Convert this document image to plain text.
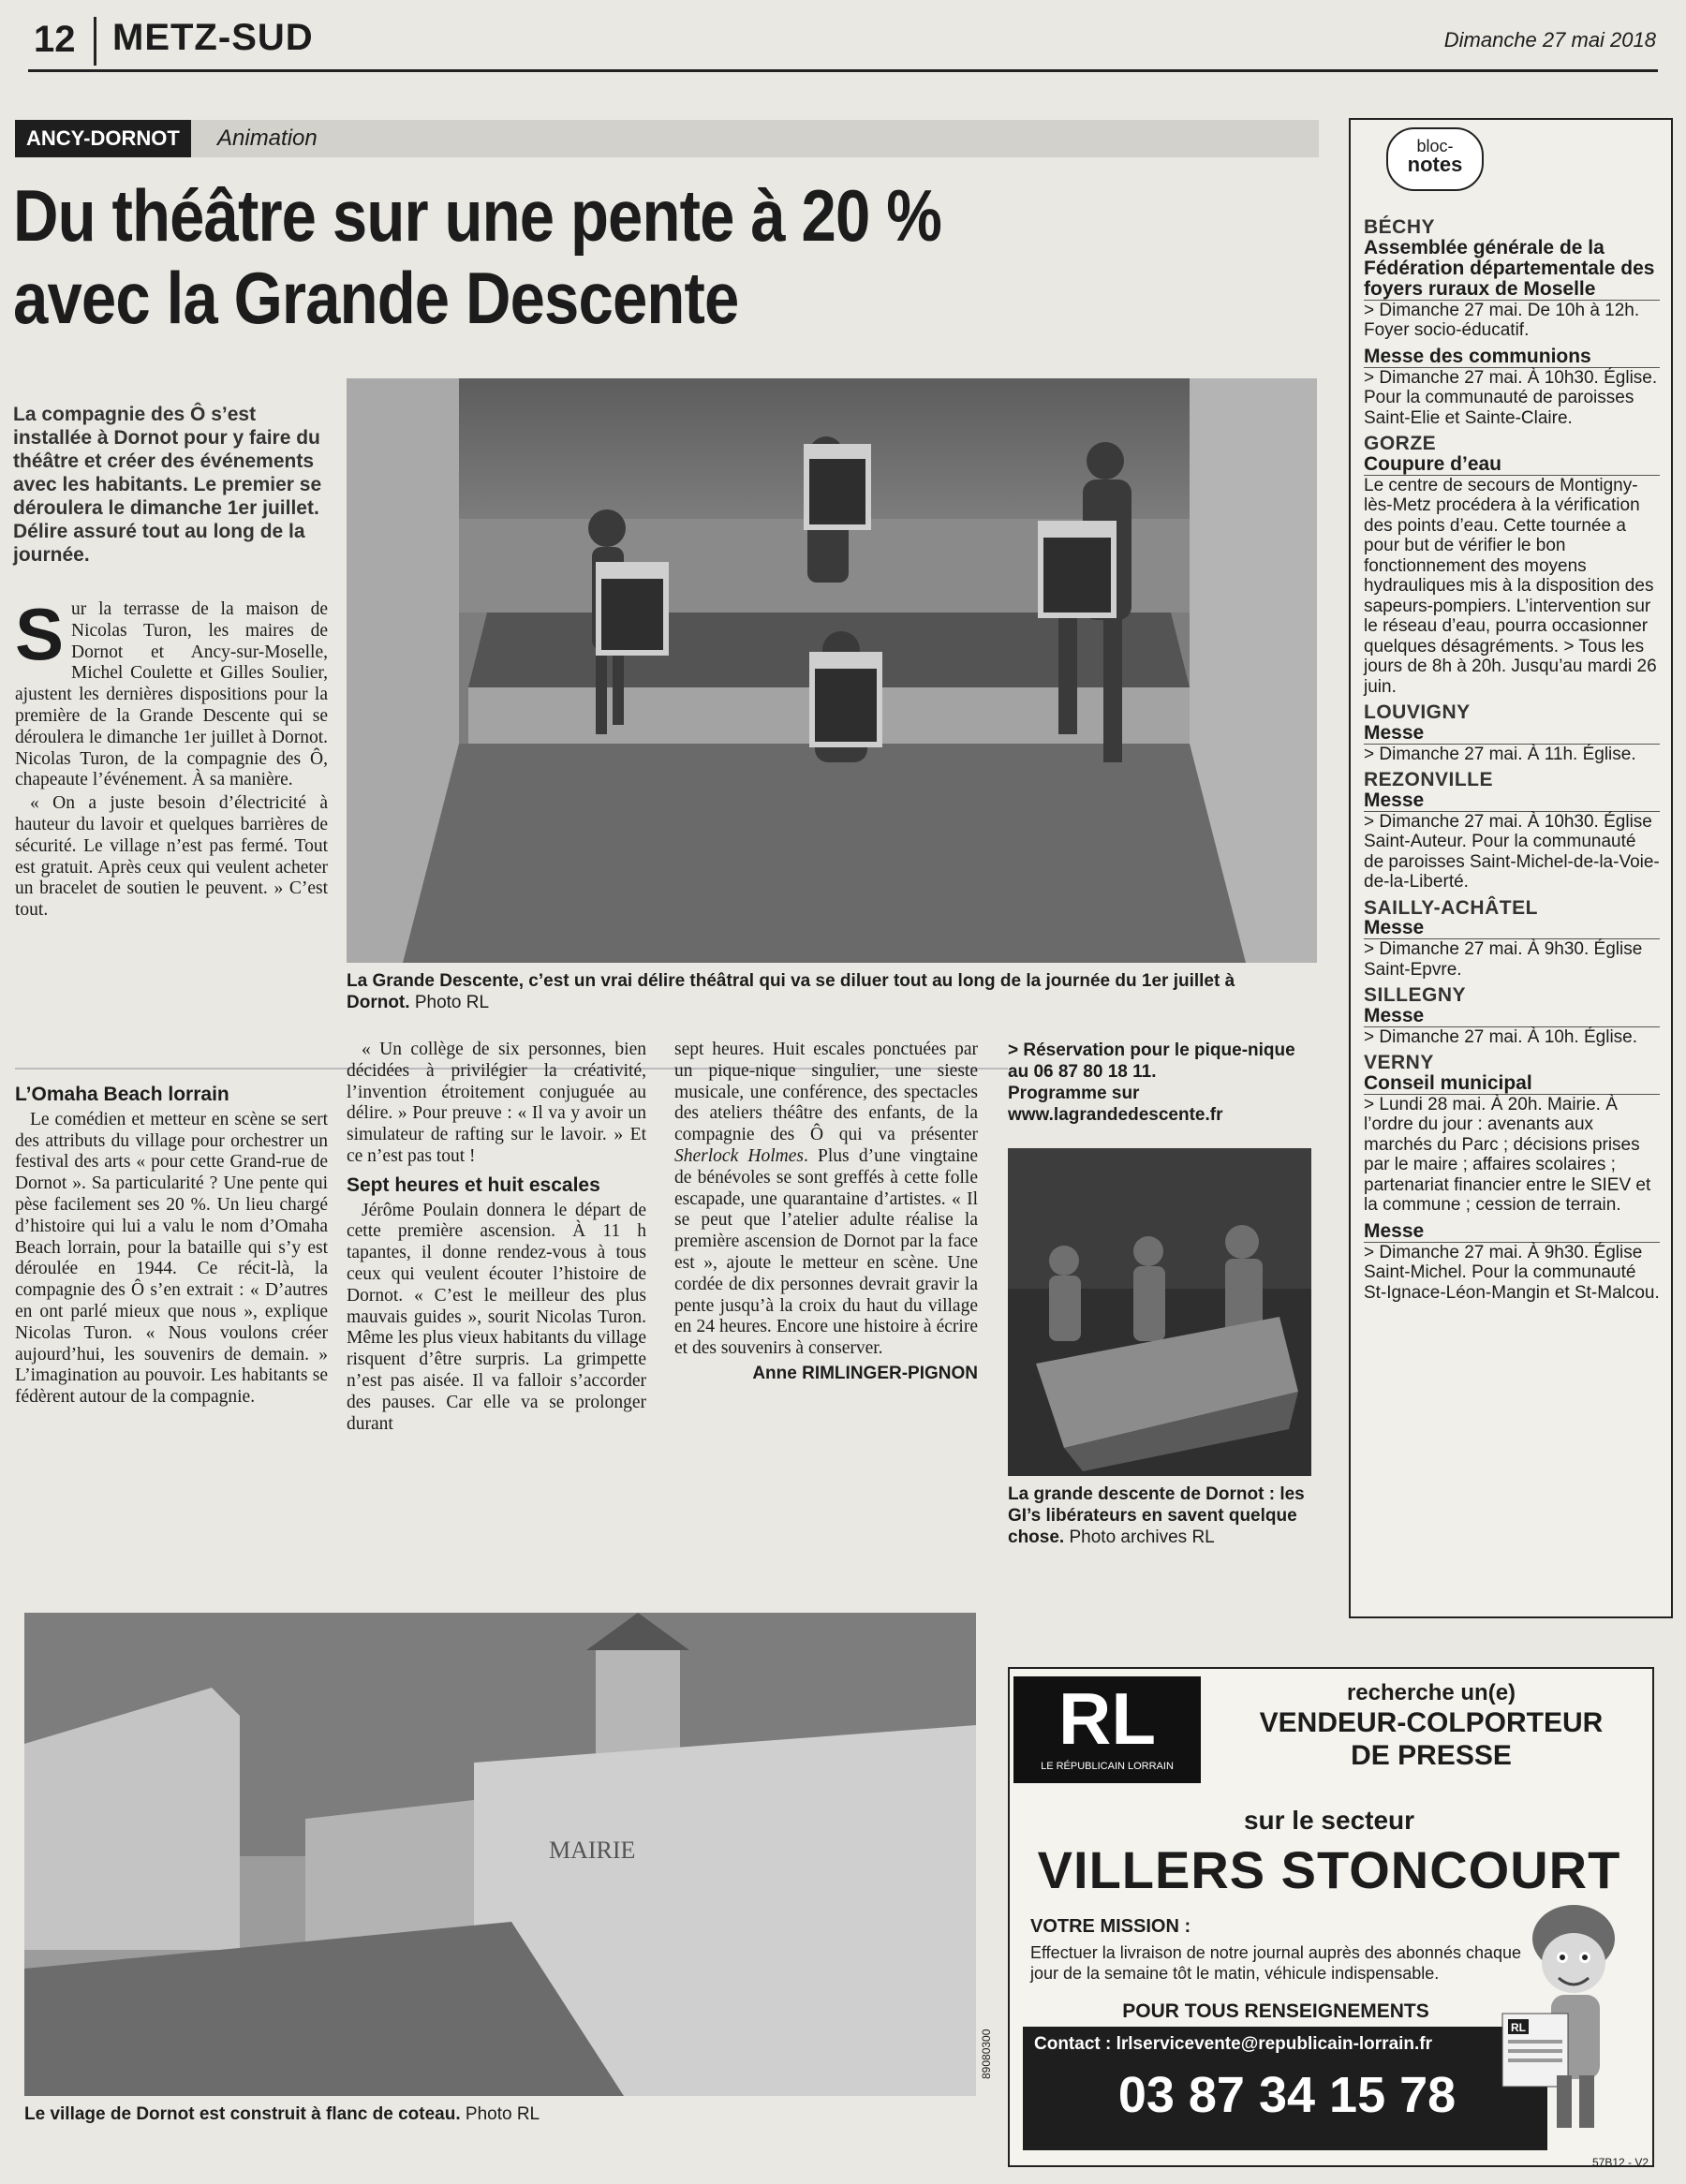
12 METZ-SUD	Dimanche 27 mai 2018
ANCY-DORNOT	Animation
Du théâtre sur une pente à 20 %
avec la Grande Descente
La compagnie des Ô s’est installée à Dornot pour y faire du théâtre et créer des événements avec les habitants. Le premier se déroulera le dimanche 1er juillet. Délire assuré tout au long de la journée.
La Grande Descente, c’est un vrai délire théâtral qui va se diluer tout au long de la journée du 1er juillet à Dornot. Photo RL

Sur la terrasse de la maison de Nicolas Turon, les maires de Dornot et Ancy-sur-Moselle, Michel Coulette et Gilles Soulier, ajustent les dernières dispositions pour la première de la Grande Descente qui se déroulera le dimanche 1er juillet à Dornot. Nicolas Turon, de la compagnie des Ô, chapeaute l’événement. À sa manière.

« On a juste besoin d’électricité à hauteur du lavoir et quelques barrières de sécurité. Le village n’est pas fermé. Tout est gratuit. Après ceux qui veulent acheter un bracelet de soutien le peuvent. » C’est tout.

L’Omaha Beach lorrain

Le comédien et metteur en scène se sert des attributs du village pour orchestrer un festival des arts « pour cette Grand-rue de Dornot ». Sa particularité ? Une pente qui pèse facilement ses 20 %. Un lieu chargé d’histoire qui lui a valu le nom d’Omaha Beach lorrain, pour la bataille qui s’y est déroulée en 1944. Ce récit-là, la compagnie des Ô s’en extrait : « D’autres en ont parlé mieux que nous », explique Nicolas Turon. « Nous voulons créer aujourd’hui, les souvenirs de demain. » L’imagination au pouvoir. Les habitants se fédèrent autour de la compagnie.

« Un collège de six personnes, bien décidées à privilégier la créativité, l’invention étroitement conjuguée au délire. » Pour preuve : « Il va y avoir un simulateur de rafting sur le lavoir. » Et ce n’est pas tout !

Sept heures et huit escales

Jérôme Poulain donnera le départ de cette première ascension. À 11 h tapantes, il donne rendez-vous à tous ceux qui veulent écouter l’histoire de Dornot. « C’est le meilleur des plus mauvais guides », sourit Nicolas Turon. Même les plus vieux habitants du village risquent d’être surpris. La grimpette n’est pas aisée. Il va falloir s’accorder des pauses. Car elle va se prolonger durant

sept heures. Huit escales ponctuées par un pique-nique singulier, une sieste musicale, une conférence, des spectacles des ateliers théâtre des enfants, de la compagnie des Ô qui va présenter Sherlock Holmes. Plus d’une vingtaine de bénévoles se sont greffés à cette folle escapade, une quarantaine d’artistes. « Il se peut que l’atelier adulte réalise la première ascension de Dornot par la face est », ajoute le metteur en scène. Une cordée de dix personnes devrait gravir la pente jusqu’à la croix du haut du village en 24 heures. Encore une histoire à écrire et des souvenirs à conserver.

Anne RIMLINGER-PIGNON
> Réservation pour le pique-nique au 06 87 80 18 11.
Programme sur www.lagrandedescente.fr
La grande descente de Dornot : les GI’s libérateurs en savent quelque chose. Photo archives RL
MAIRIE
Le village de Dornot est construit à flanc de coteau. Photo RL
bloc-
notes
BÉCHY
Assemblée générale de la Fédération départementale des foyers ruraux de Moselle
> Dimanche 27 mai. De 10h à 12h. Foyer socio-éducatif.
Messe des communions
> Dimanche 27 mai. À 10h30. Église. Pour la communauté de paroisses Saint-Elie et Sainte-Claire.
GORZE
Coupure d’eau
Le centre de secours de Montigny-lès-Metz procédera à la vérification des points d’eau. Cette tournée a pour but de vérifier le bon fonctionnement des moyens hydrauliques mis à la disposition des sapeurs-pompiers. L’intervention sur le réseau d’eau, pourra occasionner quelques désagréments. > Tous les jours de 8h à 20h. Jusqu’au mardi 26 juin.
LOUVIGNY
Messe
> Dimanche 27 mai. À 11h. Église.
REZONVILLE
Messe
> Dimanche 27 mai. À 10h30. Église Saint-Auteur. Pour la communauté de paroisses Saint-Michel-de-la-Voie-de-la-Liberté.
SAILLY-ACHÂTEL
Messe
> Dimanche 27 mai. À 9h30. Église Saint-Epvre.
SILLEGNY
Messe
> Dimanche 27 mai. À 10h. Église.
VERNY
Conseil municipal
> Lundi 28 mai. À 20h. Mairie. À l’ordre du jour : avenants aux marchés du Parc ; décisions prises par le maire ; affaires scolaires ; partenariat financier entre le SIEV et la commune ; cession de terrain.
Messe
> Dimanche 27 mai. À 9h30. Église Saint-Michel. Pour la communauté St-Ignace-Léon-Mangin et St-Malcou.
RL
LE RÉPUBLICAIN LORRAIN
recherche un(e)
VENDEUR-COLPORTEUR
DE PRESSE
sur le secteur
VILLERS STONCOURT
VOTRE MISSION :
Effectuer la livraison de notre journal auprès des abonnés chaque jour de la semaine tôt le matin, véhicule indispensable.
POUR TOUS RENSEIGNEMENTS
Contact : lrlservicevente@republicain-lorrain.fr
03 87 34 15 78
89080300
RL
57B12 - V2
